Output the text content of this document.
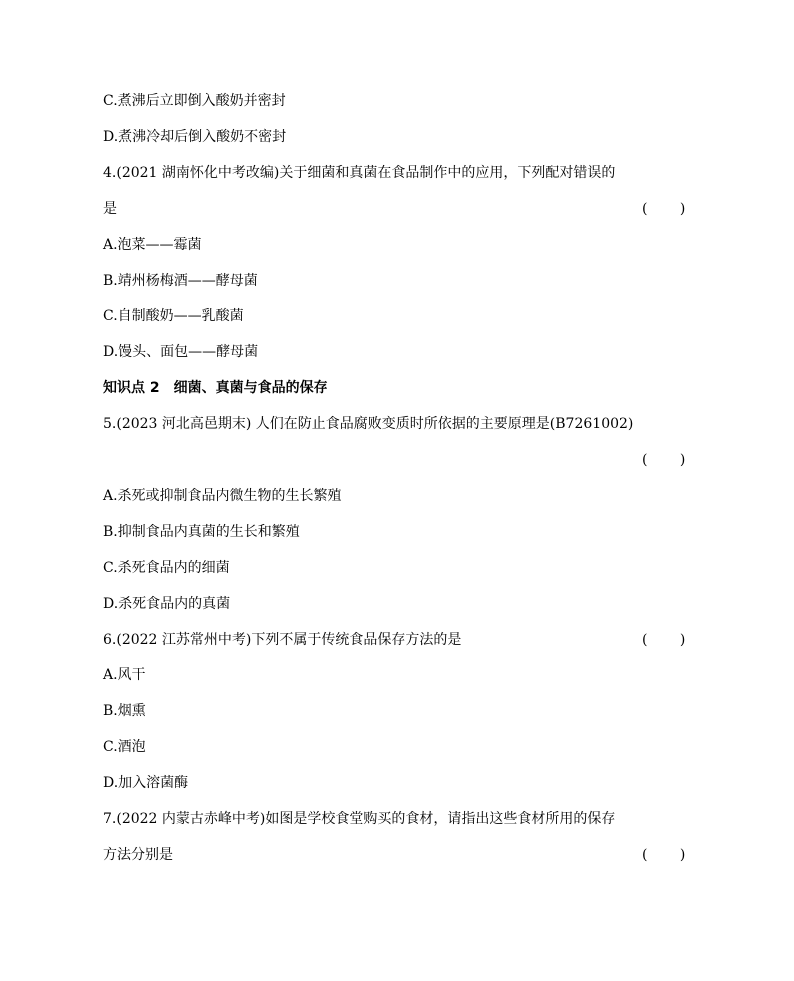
C.煮沸后立即倒入酸奶并密封
D.煮沸冷却后倒入酸奶不密封
4.(2021 湖南怀化中考改编)关于细菌和真菌在食品制作中的应用，下列配对错误的
是	(　 　)
A.泡菜——霉菌
B.靖州杨梅酒——酵母菌
C.自制酸奶——乳酸菌
D.馒头、面包——酵母菌
知识点 2　细菌、真菌与食品的保存
5.(2023 河北高邑期末) 人们在防止食品腐败变质时所依据的主要原理是(B7261002)
(　 　)
A.杀死或抑制食品内微生物的生长繁殖
B.抑制食品内真菌的生长和繁殖
C.杀死食品内的细菌
D.杀死食品内的真菌
6.(2022 江苏常州中考)下列不属于传统食品保存方法的是	(　 　)
A.风干
B.烟熏
C.酒泡
D.加入溶菌酶
7.(2022 内蒙古赤峰中考)如图是学校食堂购买的食材，请指出这些食材所用的保存
方法分别是	(　 　)
